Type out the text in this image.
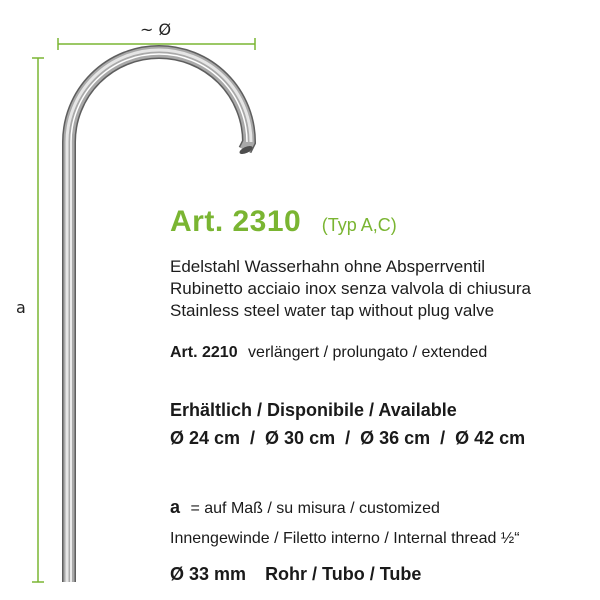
~ Ø
a
Art. 2310 (Typ A,C)
Edelstahl Wasserhahn ohne Absperrventil
Rubinetto acciaio inox senza valvola di chiusura
Stainless steel water tap without plug valve
Art. 2210 verlängert / prolungato / extended
Erhältlich / Disponibile / Available
Ø 24 cm  /  Ø 30 cm  /  Ø 36 cm  /  Ø 42 cm
a = auf Maß / su misura / customized
Innengewinde / Filetto interno / Internal thread ½“
Ø 33 mm Rohr / Tubo / Tube
